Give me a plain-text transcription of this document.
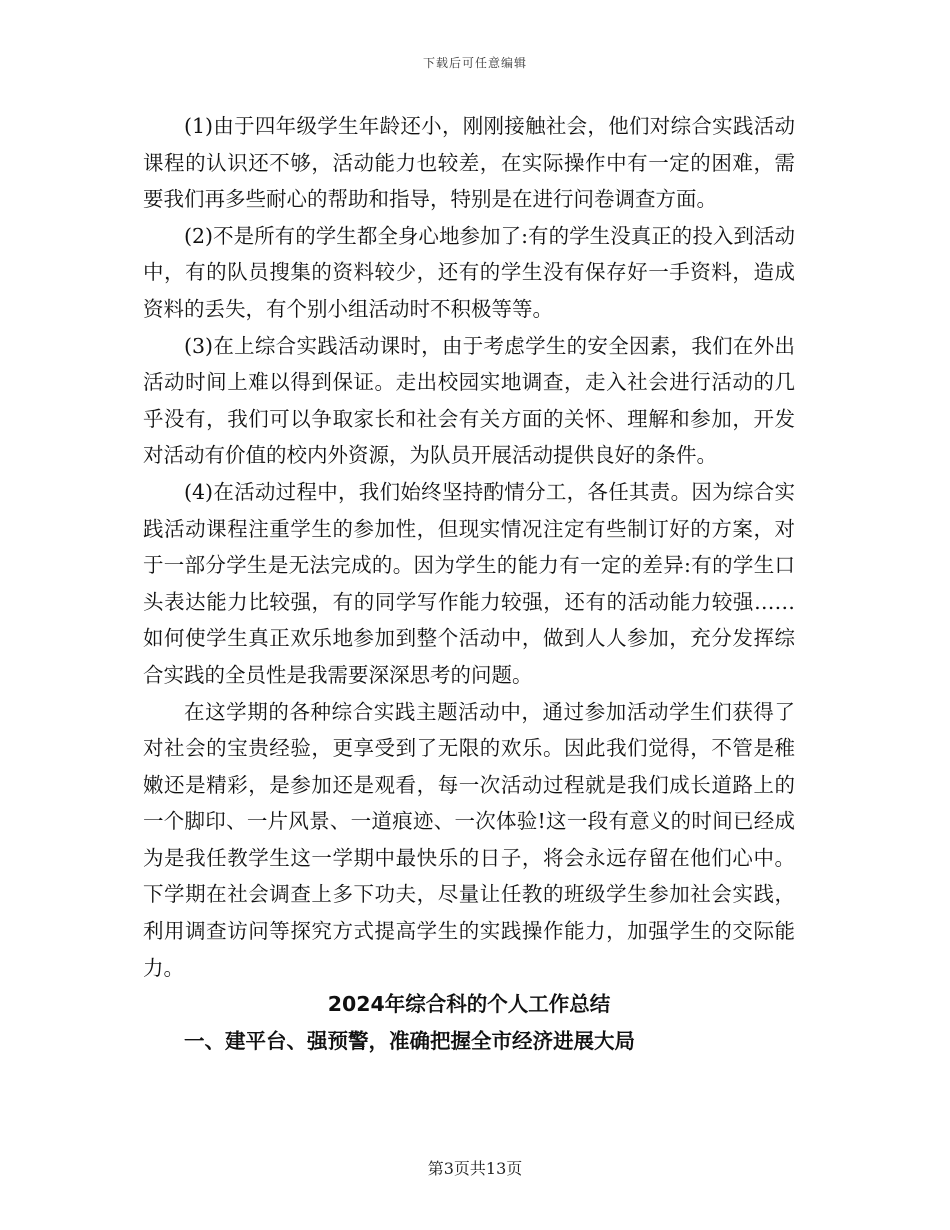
下载后可任意编辑

(1)由于四年级学生年龄还小，刚刚接触社会，他们对综合实践活动课程的认识还不够，活动能力也较差，在实际操作中有一定的困难，需要我们再多些耐心的帮助和指导，特别是在进行问卷调查方面。

(2)不是所有的学生都全身心地参加了:有的学生没真正的投入到活动中，有的队员搜集的资料较少，还有的学生没有保存好一手资料，造成资料的丢失，有个别小组活动时不积极等等。

(3)在上综合实践活动课时，由于考虑学生的安全因素，我们在外出活动时间上难以得到保证。走出校园实地调查，走入社会进行活动的几乎没有，我们可以争取家长和社会有关方面的关怀、理解和参加，开发对活动有价值的校内外资源，为队员开展活动提供良好的条件。

(4)在活动过程中，我们始终坚持酌情分工，各任其责。因为综合实践活动课程注重学生的参加性，但现实情况注定有些制订好的方案，对于一部分学生是无法完成的。因为学生的能力有一定的差异:有的学生口头表达能力比较强，有的同学写作能力较强，还有的活动能力较强……如何使学生真正欢乐地参加到整个活动中，做到人人参加，充分发挥综合实践的全员性是我需要深深思考的问题。

在这学期的各种综合实践主题活动中，通过参加活动学生们获得了对社会的宝贵经验，更享受到了无限的欢乐。因此我们觉得，不管是稚嫩还是精彩，是参加还是观看，每一次活动过程就是我们成长道路上的一个脚印、一片风景、一道痕迹、一次体验!这一段有意义的时间已经成为是我任教学生这一学期中最快乐的日子，将会永远存留在他们心中。下学期在社会调查上多下功夫，尽量让任教的班级学生参加社会实践，利用调查访问等探究方式提高学生的实践操作能力，加强学生的交际能力。

2024年综合科的个人工作总结
一、建平台、强预警，准确把握全市经济进展大局
第3页共13页
